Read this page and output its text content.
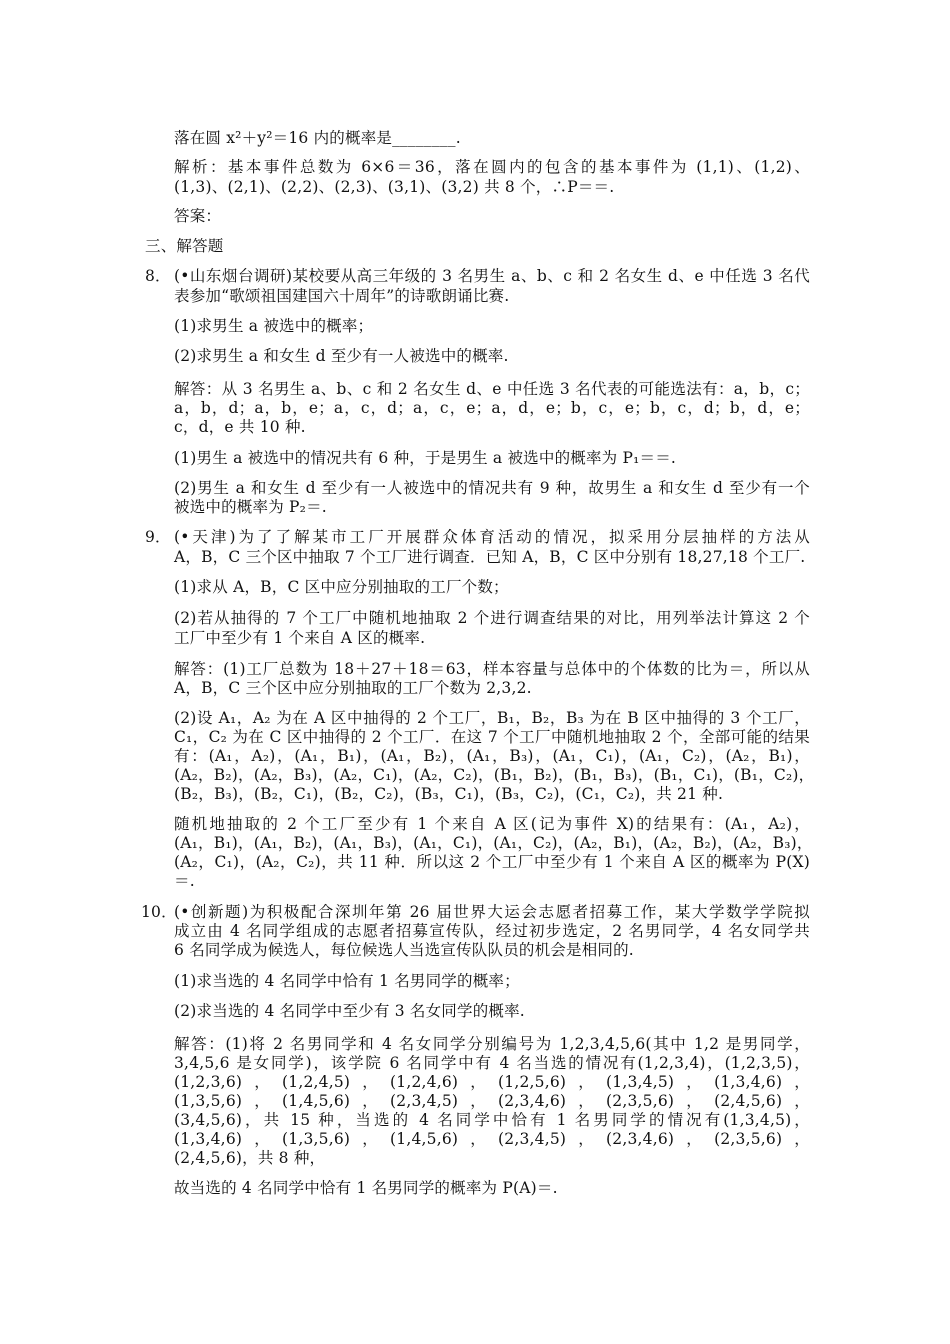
落在圆 x²＋y²＝16 内的概率是________.
解析：基本事件总数为 6×6＝36，落在圆内的包含的基本事件为 (1,1)、(1,2)、
(1,3)、(2,1)、(2,2)、(2,3)、(3,1)、(3,2) 共 8 个，∴P＝＝.
答案：
三、解答题
8． (•山东烟台调研)某校要从高三年级的 3 名男生 a、b、c 和 2 名女生 d、e 中任选 3 名代
表参加“歌颂祖国建国六十周年”的诗歌朗诵比赛.
(1)求男生 a 被选中的概率；
(2)求男生 a 和女生 d 至少有一人被选中的概率.
解答：从 3 名男生 a、b、c 和 2 名女生 d、e 中任选 3 名代表的可能选法有：a，b，c；
a，b，d；a，b，e；a，c，d；a，c，e；a，d，e；b，c，e；b，c，d；b，d，e；
c，d，e 共 10 种.
(1)男生 a 被选中的情况共有 6 种，于是男生 a 被选中的概率为 P₁＝＝.
(2)男生 a 和女生 d 至少有一人被选中的情况共有 9 种，故男生 a 和女生 d 至少有一个
被选中的概率为 P₂＝.
9． (•天津)为了了解某市工厂开展群众体育活动的情况，拟采用分层抽样的方法从
A，B，C 三个区中抽取 7 个工厂进行调查．已知 A，B，C 区中分别有 18,27,18 个工厂.
(1)求从 A，B，C 区中应分别抽取的工厂个数；
(2)若从抽得的 7 个工厂中随机地抽取 2 个进行调查结果的对比，用列举法计算这 2 个
工厂中至少有 1 个来自 A 区的概率.
解答：(1)工厂总数为 18＋27＋18＝63，样本容量与总体中的个体数的比为＝，所以从
A，B，C 三个区中应分别抽取的工厂个数为 2,3,2.
(2)设 A₁，A₂ 为在 A 区中抽得的 2 个工厂，B₁，B₂，B₃ 为在 B 区中抽得的 3 个工厂，
C₁，C₂ 为在 C 区中抽得的 2 个工厂．在这 7 个工厂中随机地抽取 2 个，全部可能的结果
有：(A₁，A₂)，(A₁，B₁)，(A₁，B₂)，(A₁，B₃)，(A₁，C₁)，(A₁，C₂)，(A₂，B₁)，
(A₂，B₂)，(A₂，B₃)，(A₂，C₁)，(A₂，C₂)，(B₁，B₂)，(B₁，B₃)，(B₁，C₁)，(B₁，C₂)，
(B₂，B₃)，(B₂，C₁)，(B₂，C₂)，(B₃，C₁)，(B₃，C₂)，(C₁，C₂)，共 21 种.
随机地抽取的 2 个工厂至少有 1 个来自 A 区(记为事件 X)的结果有：(A₁，A₂)，
(A₁，B₁)，(A₁，B₂)，(A₁，B₃)，(A₁，C₁)，(A₁，C₂)，(A₂，B₁)，(A₂，B₂)，(A₂，B₃)，
(A₂，C₁)，(A₂，C₂)，共 11 种．所以这 2 个工厂中至少有 1 个来自 A 区的概率为 P(X)
＝.
10．
(•创新题)为积极配合深圳年第 26 届世界大运会志愿者招募工作，某大学数学学院拟
成立由 4 名同学组成的志愿者招募宣传队，经过初步选定，2 名男同学，4 名女同学共
6 名同学成为候选人，每位候选人当选宣传队队员的机会是相同的.
(1)求当选的 4 名同学中恰有 1 名男同学的概率；
(2)求当选的 4 名同学中至少有 3 名女同学的概率.
解答：(1)将 2 名男同学和 4 名女同学分别编号为 1,2,3,4,5,6(其中 1,2 是男同学，
3,4,5,6 是女同学)，该学院 6 名同学中有 4 名当选的情况有(1,2,3,4)，(1,2,3,5)，
(1,2,3,6)，(1,2,4,5)，(1,2,4,6)，(1,2,5,6)，(1,3,4,5)，(1,3,4,6)，
(1,3,5,6)，(1,4,5,6)，(2,3,4,5)，(2,3,4,6)，(2,3,5,6)，(2,4,5,6)，
(3,4,5,6)，共 15 种，当选的 4 名同学中恰有 1 名男同学的情况有(1,3,4,5)，
(1,3,4,6)，(1,3,5,6)，(1,4,5,6)，(2,3,4,5)，(2,3,4,6)，(2,3,5,6)，
(2,4,5,6)，共 8 种，
故当选的 4 名同学中恰有 1 名男同学的概率为 P(A)＝.
